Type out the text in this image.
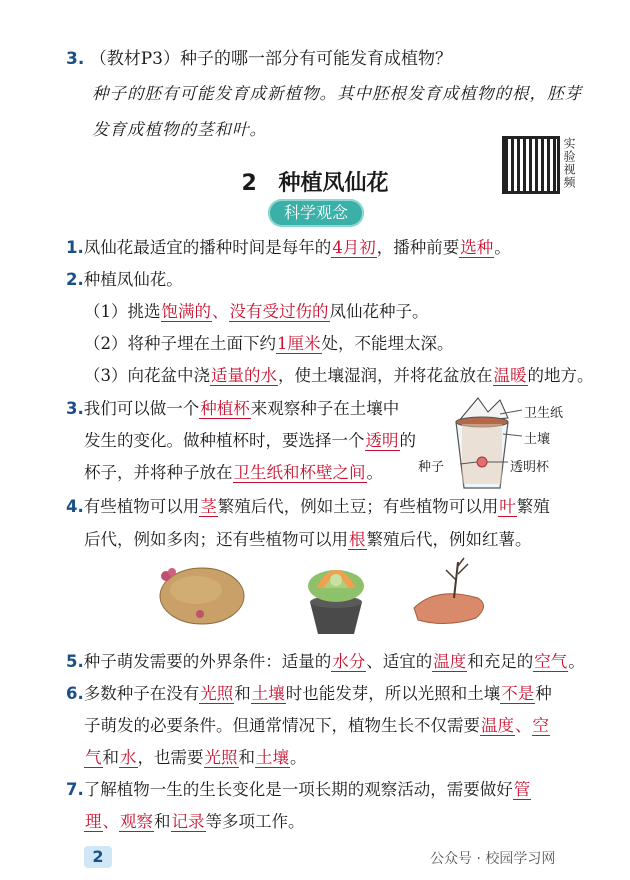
3. （教材P3）种子的哪一部分有可能发育成植物？
种子的胚有可能发育成新植物。其中胚根发育成植物的根，胚芽
发育成植物的茎和叶。
实验视频
2 种植凤仙花
科学观念
1.凤仙花最适宜的播种时间是每年的4月初，播种前要选种。
2.种植凤仙花。
（1）挑选饱满的、没有受过伤的凤仙花种子。
（2）将种子埋在土面下约1厘米处，不能埋太深。
（3）向花盆中浇适量的水，使土壤湿润，并将花盆放在温暖的地方。
3.我们可以做一个种植杯来观察种子在土壤中
发生的变化。做种植杯时，要选择一个透明的
杯子，并将种子放在卫生纸和杯壁之间。
卫生纸
土壤
种子	透明杯
4.有些植物可以用茎繁殖后代，例如土豆；有些植物可以用叶繁殖
后代，例如多肉；还有些植物可以用根繁殖后代，例如红薯。
5.种子萌发需要的外界条件：适量的水分、适宜的温度和充足的空气。
6.多数种子在没有光照和土壤时也能发芽，所以光照和土壤不是种
子萌发的必要条件。但通常情况下，植物生长不仅需要温度、空
气和水，也需要光照和土壤。
7.了解植物一生的生长变化是一项长期的观察活动，需要做好管
理、观察和记录等多项工作。
2	公众号 · 校园学习网
